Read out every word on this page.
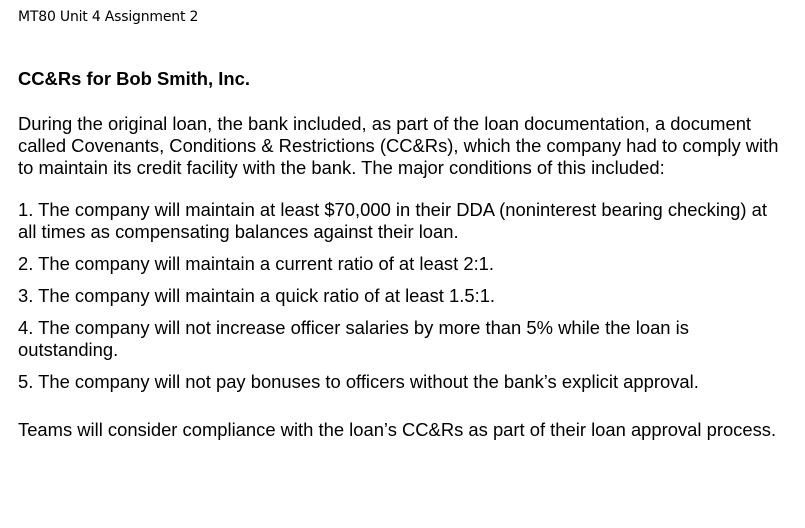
MT80 Unit 4 Assignment 2

CC&Rs for Bob Smith, Inc.

During the original loan, the bank included, as part of the loan documentation, a document called Covenants, Conditions & Restrictions (CC&Rs), which the company had to comply with to maintain its credit facility with the bank. The major conditions of this included:

1. The company will maintain at least $70,000 in their DDA (noninterest bearing checking) at all times as compensating balances against their loan.
2. The company will maintain a current ratio of at least 2:1.
3. The company will maintain a quick ratio of at least 1.5:1.
4. The company will not increase officer salaries by more than 5% while the loan is outstanding.
5. The company will not pay bonuses to officers without the bank’s explicit approval.

Teams will consider compliance with the loan’s CC&Rs as part of their loan approval process.
